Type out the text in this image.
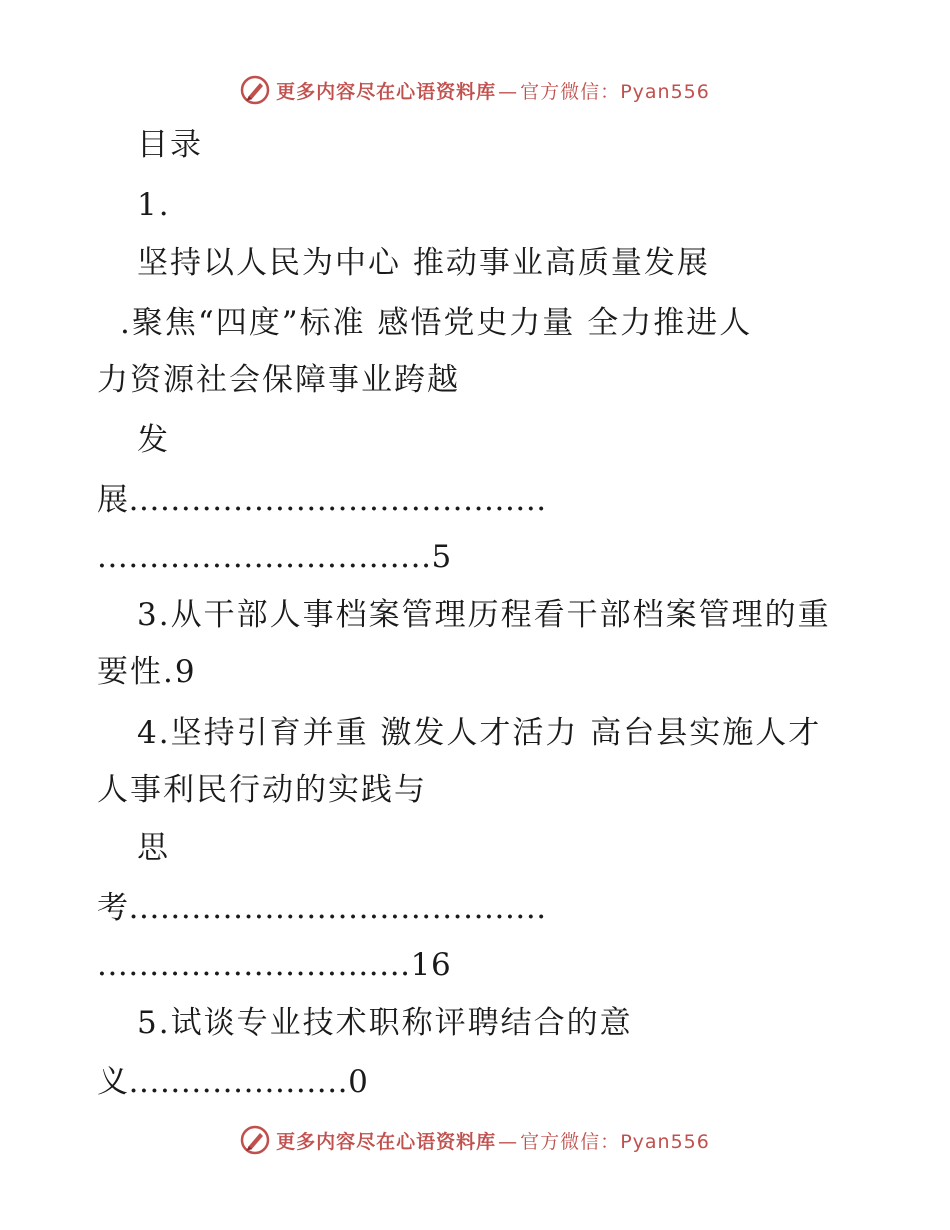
更多内容尽在心语资料库 — 官方微信：Pyan556
目录
1.
坚持以人民为中心 推动事业高质量发展
.聚焦“四度”标准 感悟党史力量 全力推进人
力资源社会保障事业跨越
发
展........................................
................................5
3.从干部人事档案管理历程看干部档案管理的重
要性.9
4.坚持引育并重 激发人才活力 高台县实施人才
人事利民行动的实践与
思
考........................................
..............................16
5.试谈专业技术职称评聘结合的意
义.....................0
更多内容尽在心语资料库 — 官方微信：Pyan556
